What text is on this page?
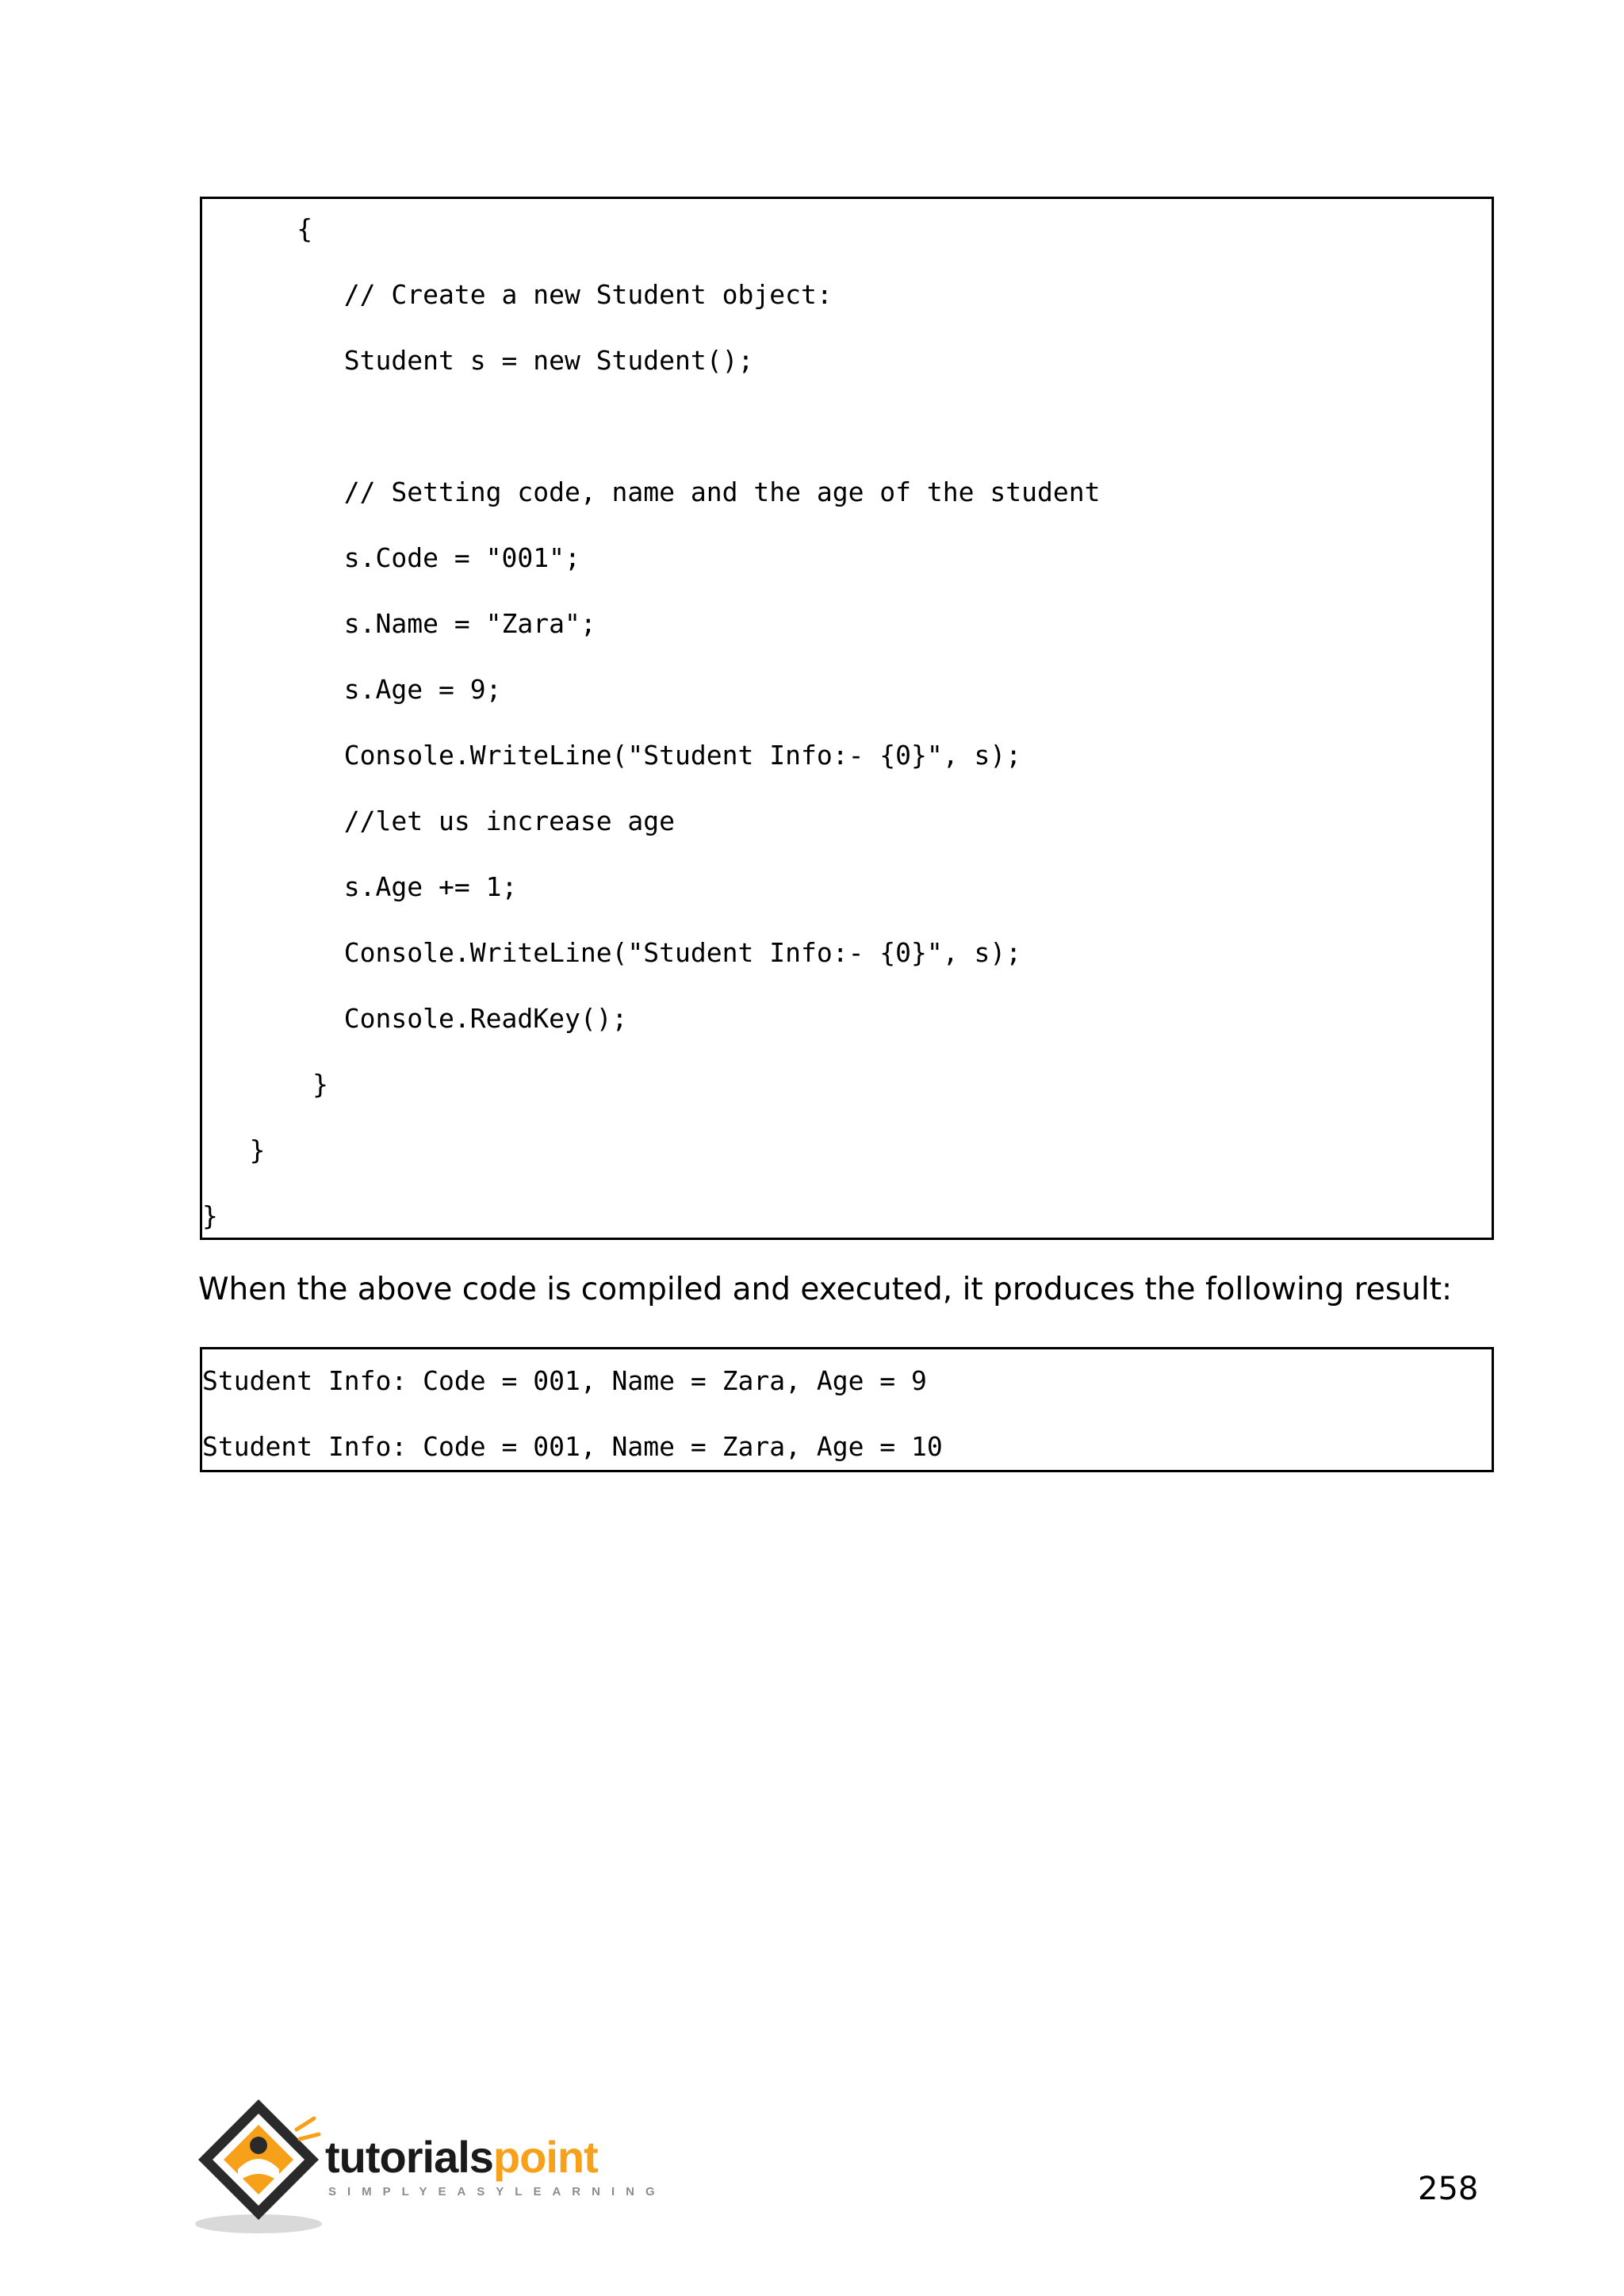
{
// Create a new Student object:
Student s = new Student();
// Setting code, name and the age of the student
s.Code = "001";
s.Name = "Zara";
s.Age = 9;
Console.WriteLine("Student Info:- {0}", s);
//let us increase age
s.Age += 1;
Console.WriteLine("Student Info:- {0}", s);
Console.ReadKey();
}
}
}
When the above code is compiled and executed, it produces the following result:
Student Info: Code = 001, Name = Zara, Age = 9
Student Info: Code = 001, Name = Zara, Age = 10
tutorialspoint
SIMPLYEASYLEARNING	258
